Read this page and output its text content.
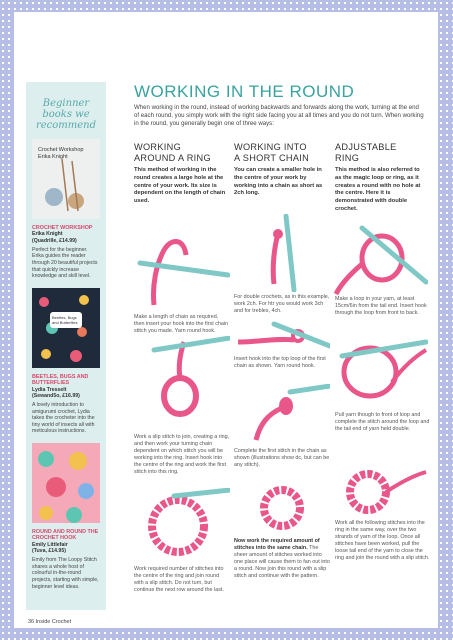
Beginner
books we
recommend
Crochet Workshop
Erika Knight
CROCHET WORKSHOP
Erika Knight
(Quadrille, £14.99)
Perfect for the beginner. Erika guides the reader through 20 beautiful projects that quickly increase knowledge and skill level.
Beetles, Bugs and Butterflies
BEETLES, BUGS AND BUTTERFLIES
Lydia Tresselt
(Sewand5o, £16.99)
A lovely introduction to amigurumi crochet, Lydia takes the crocheter into the tiny world of insects all with meticulous instructions.
ROUND AND ROUND THE CROCHET HOOK
Emily Littlefair
(Tuva, £14.95)
Emily from The Loopy Stitch shares a whole host of colourful in-the-round projects, starting with simple, beginner level ideas.
WORKING IN THE ROUND
When working in the round, instead of working backwards and forwards along the work, turning at the end of each round, you simply work with the right side facing you at all times and you do not turn. When working in the round, you generally begin one of three ways:
WORKING
AROUND A RING
This method of working in the round creates a large hole at the centre of your work. Its size is dependent on the length of chain used.
Make a length of chain as required, then insert your hook into the first chain stitch you made. Yarn round hook.
Work a slip stitch to join, creating a ring, and then work your turning chain dependent on which stitch you will be working into the ring. Insert hook into the centre of the ring and work the first stitch into this ring.
Work required number of stitches into the centre of the ring and join round with a slip stitch. Do not turn, but continue the next row around the last.
WORKING INTO
A SHORT CHAIN
You can create a smaller hole in the centre of your work by working into a chain as short as 2ch long.
For double crochets, as in this example, work 2ch. For htr you would work 3ch and for trebles, 4ch.
Insert hook into the top loop of the first chain as shown. Yarn round hook.
Complete the first stitch in the chain as shown (illustrations show dc, but can be any stitch).
Now work the required amount of stitches into the same chain. The sheer amount of stitches worked into one place will cause them to fan out into a round. Now join this round with a slip stitch and continue with the pattern.
ADJUSTABLE
RING
This method is also referred to as the magic loop or ring, as it creates a round with no hole at the centre. Here it is demonstrated with double crochet.
Make a loop in your yarn, at least 15cm/6in from the tail end. Insert hook through the loop from front to back.
Pull yarn though to front of loop and complete the stitch around the loop and the tail end of yarn held double.
Work all the following stitches into the ring in the same way, over the two strands of yarn of the loop. Once all stitches have been worked, pull the loose tail end of the yarn to close the ring and join the round with a slip stitch.
36 Inside Crochet
